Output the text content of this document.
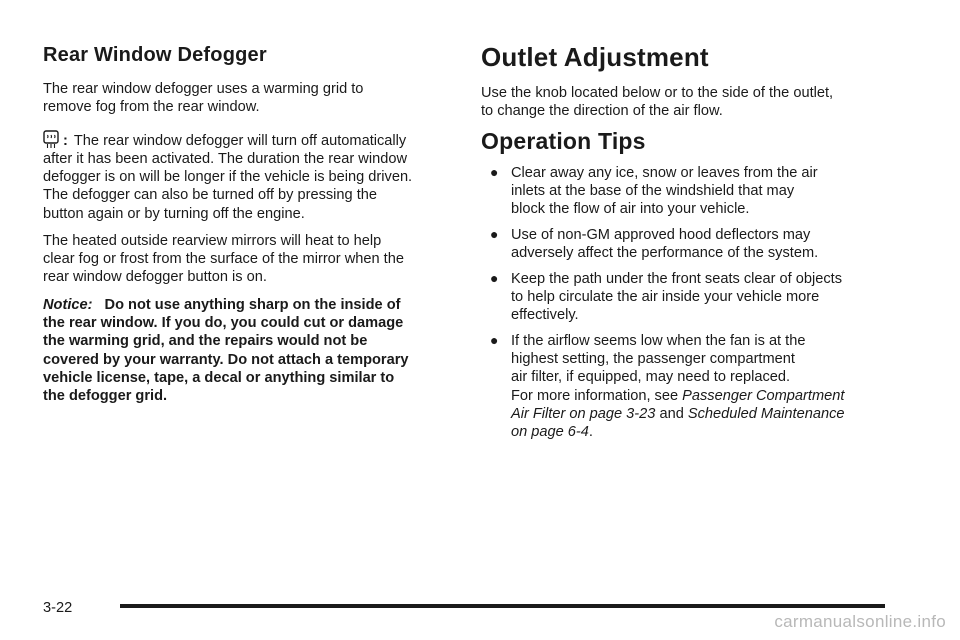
Rear Window Defogger

The rear window defogger uses a warming grid to
remove fog from the rear window.

: The rear window defogger will turn off automatically

after it has been activated. The duration the rear window
defogger is on will be longer if the vehicle is being driven.
The defogger can also be turned off by pressing the
button again or by turning off the engine.

The heated outside rearview mirrors will heat to help
clear fog or frost from the surface of the mirror when the
rear window defogger button is on.

Notice: Do not use anything sharp on the inside of
the rear window. If you do, you could cut or damage
the warming grid, and the repairs would not be
covered by your warranty. Do not attach a temporary
vehicle license, tape, a decal or anything similar to
the defogger grid.

Outlet Adjustment

Use the knob located below or to the side of the outlet,
to change the direction of the air flow.

Operation Tips
● Clear away any ice, snow or leaves from the air
inlets at the base of the windshield that may
block the flow of air into your vehicle.
● Use of non-GM approved hood deflectors may
adversely affect the performance of the system.
● Keep the path under the front seats clear of objects
to help circulate the air inside your vehicle more
effectively.
● If the airflow seems low when the fan is at the
highest setting, the passenger compartment
air filter, if equipped, may need to replaced.
For more information, see Passenger Compartment
Air Filter on page 3-23 and Scheduled Maintenance
on page 6-4.
3-22
carmanualsonline.info
